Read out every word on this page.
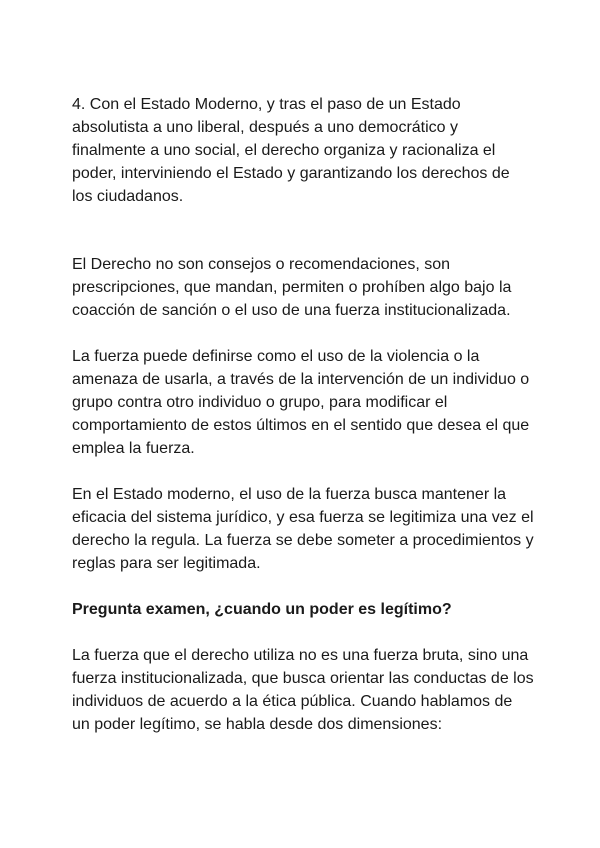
4. Con el Estado Moderno, y tras el paso de un Estado absolutista a uno liberal, después a uno democrático y finalmente a uno social, el derecho organiza y racionaliza el poder, interviniendo el Estado y garantizando los derechos de los ciudadanos.

El Derecho no son consejos o recomendaciones, son prescripciones, que mandan, permiten o prohíben algo bajo la coacción de sanción o el uso de una fuerza institucionalizada.

La fuerza puede definirse como el uso de la violencia o la amenaza de usarla, a través de la intervención de un individuo o grupo contra otro individuo o grupo, para modificar el comportamiento de estos últimos en el sentido que desea el que emplea la fuerza.

En el Estado moderno, el uso de la fuerza busca mantener la eficacia del sistema jurídico, y esa fuerza se legitimiza una vez el derecho la regula. La fuerza se debe someter a procedimientos y reglas para ser legitimada.

Pregunta examen, ¿cuando un poder es legítimo?

La fuerza que el derecho utiliza no es una fuerza bruta, sino una fuerza institucionalizada, que busca orientar las conductas de los individuos de acuerdo a la ética pública. Cuando hablamos de un poder legítimo, se habla desde dos dimensiones:
